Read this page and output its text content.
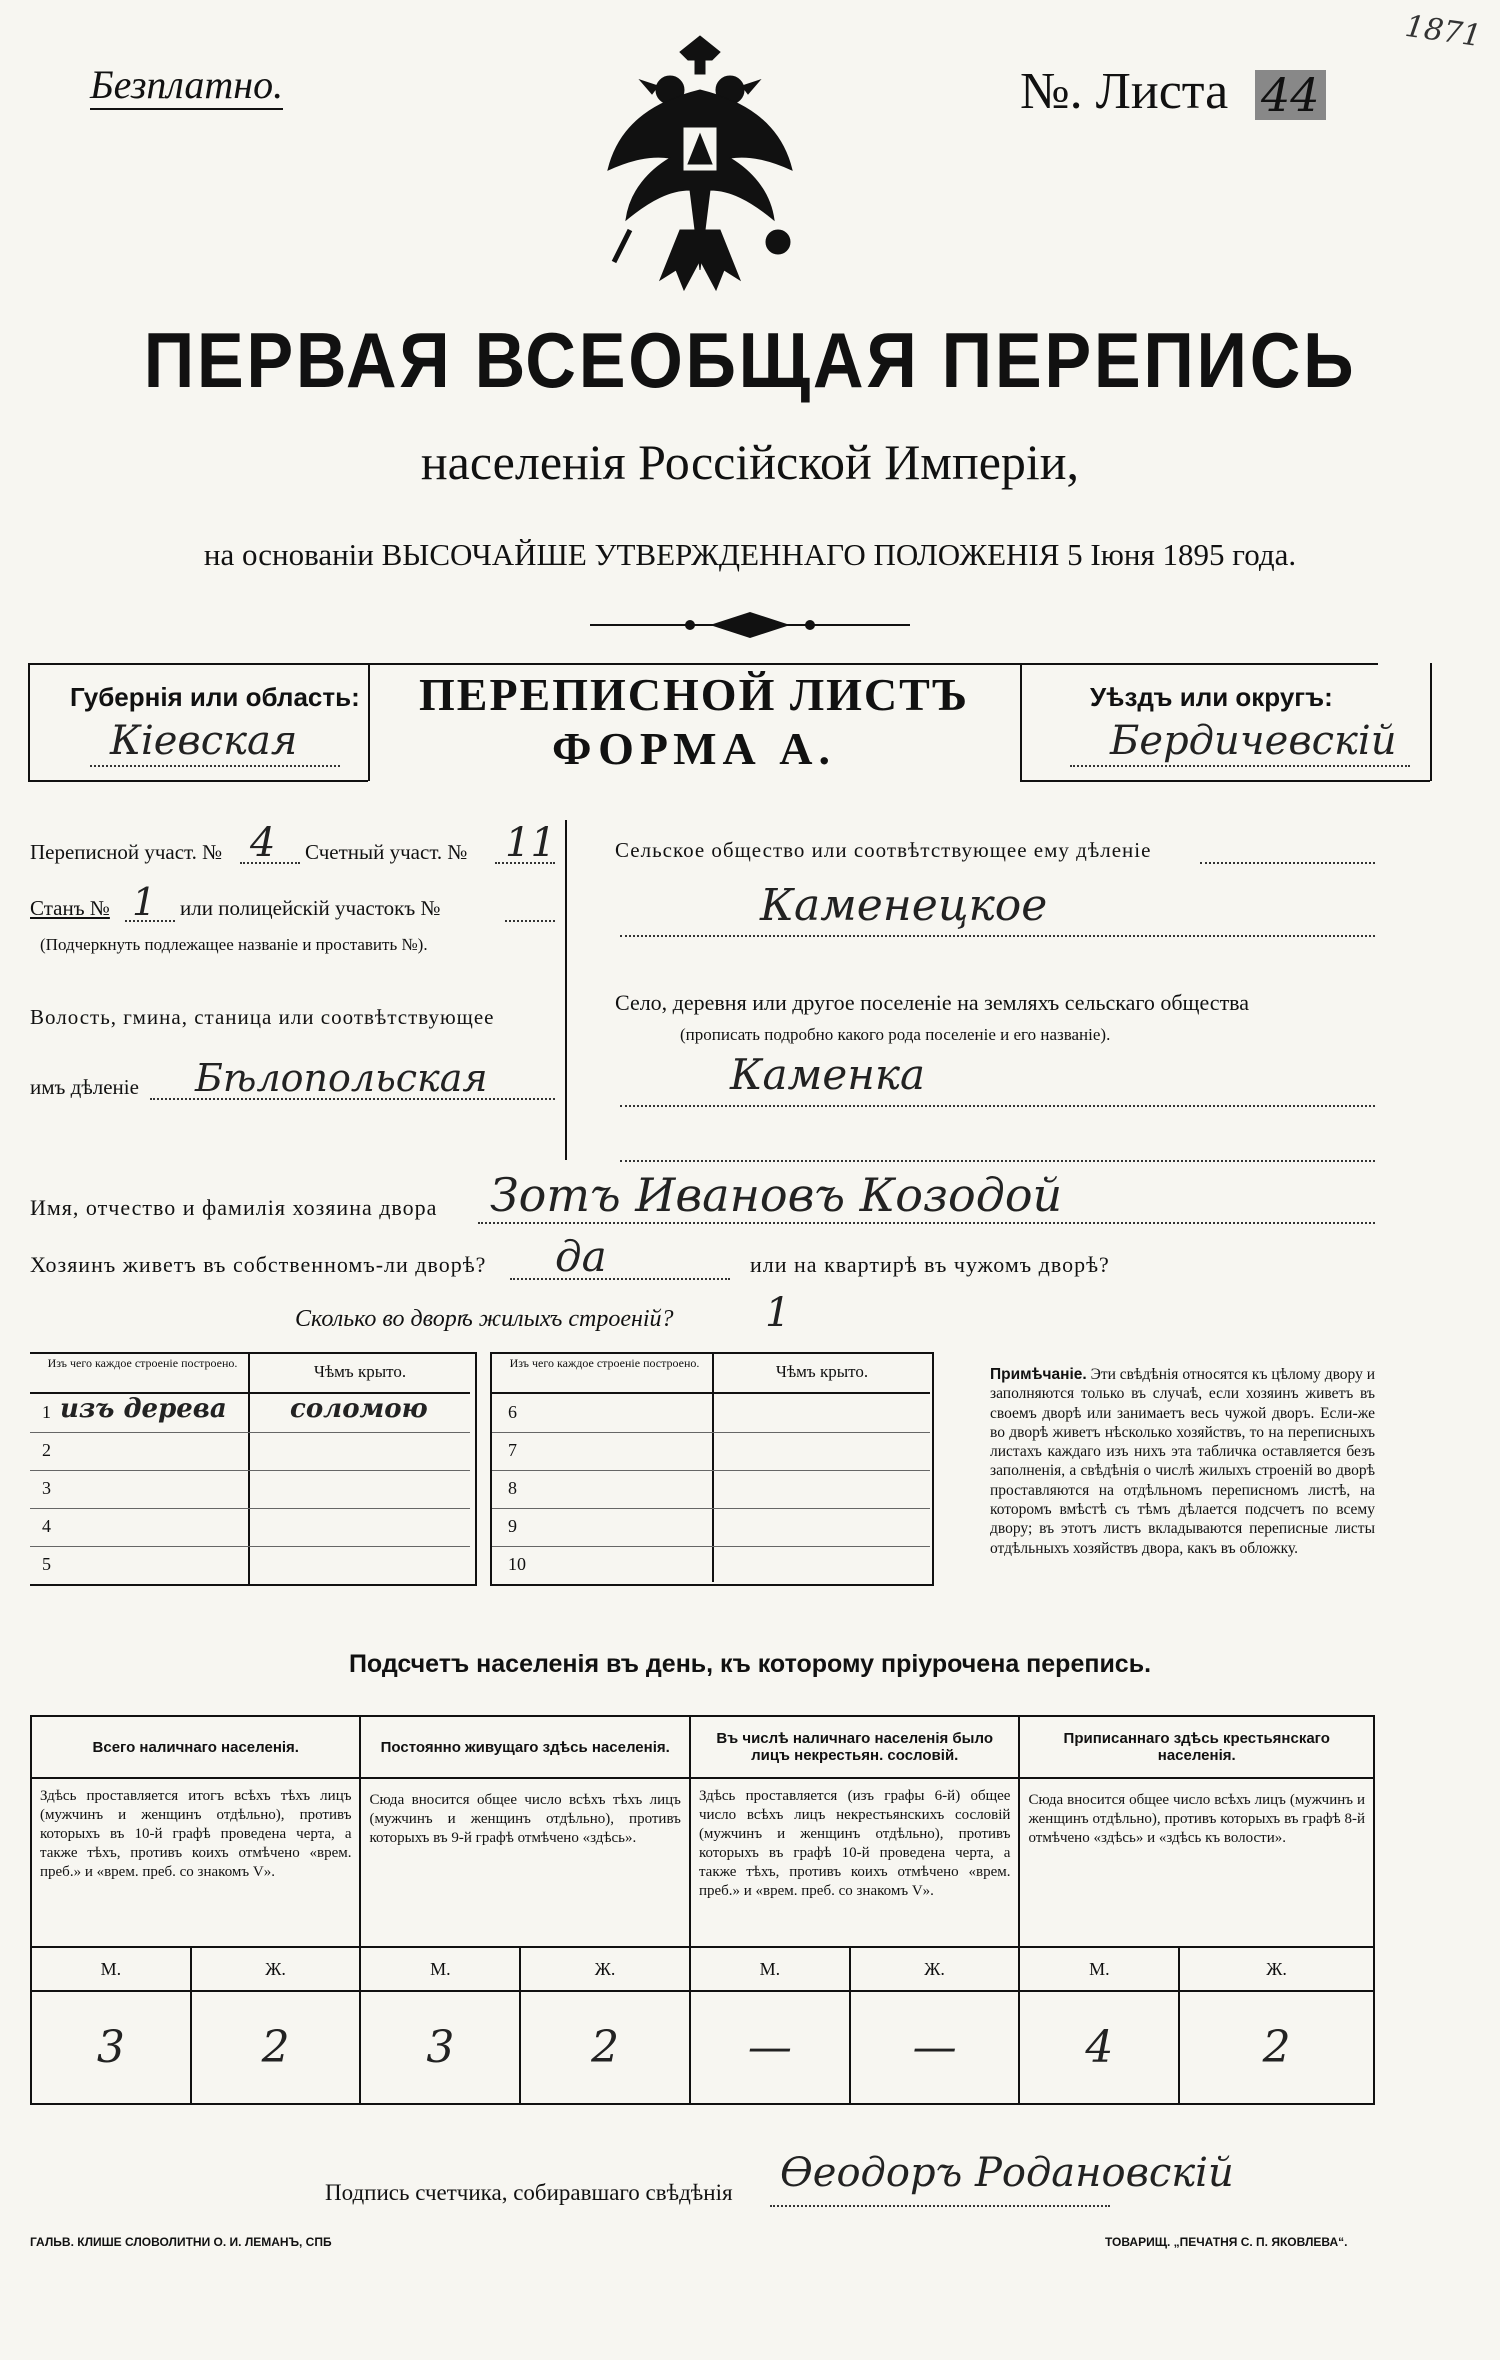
Безплатно.	№. Листа 44
1871
ПЕРВАЯ ВСЕОБЩАЯ ПЕРЕПИСЬ
населенія Россійской Имперіи,
на основаніи ВЫСОЧАЙШЕ УТВЕРЖДЕННАГО ПОЛОЖЕНІЯ 5 Іюня 1895 года.
Губернія или область:
Кіевская
ПЕРЕПИСНОЙ ЛИСТЪ
ФОРМА А.
Уѣздъ или округъ:
Бердичевскій
Переписной участ. № 4 Счетный участ. № 11
Станъ № 1 или полицейскій участокъ №
(Подчеркнуть подлежащее названіе и проставить №).
Волость, гмина, станица или соотвѣтствующее
имъ дѣленіе Бѣлопольская
Сельское общество или соотвѣтствующее ему дѣленіе
Каменецкое
Село, деревня или другое поселеніе на земляхъ сельскаго общества
(прописать подробно какого рода поселеніе и его названіе).
Каменка
Имя, отчество и фамилія хозяина двора Зотъ Ивановъ Козодой
Хозяинъ живетъ въ собственномъ-ли дворѣ? да	или на квартирѣ въ чужомъ дворѣ?
Сколько во дворѣ жилыхъ строеній? 1
Изъ чего каждое строеніе построено.	Чѣмъ крыто.
1 изъ дерева соломою
2
3
4
5
Изъ чего каждое строеніе построено.	Чѣмъ крыто.
6
7
8
9
10
Примѣчаніе. Эти свѣдѣнія относятся къ цѣлому двору и заполняются только въ случаѣ, если хозяинъ живетъ въ своемъ дворѣ или занимаетъ весь чужой дворъ. Если-же во дворѣ живетъ нѣсколько хозяйствъ, то на переписныхъ листахъ каждаго изъ нихъ эта табличка оставляется безъ заполненія, а свѣдѣнія о числѣ жилыхъ строеній во дворѣ проставляются на отдѣльномъ переписномъ листѣ, на которомъ вмѣстѣ съ тѣмъ дѣлается подсчетъ по всему двору; въ этотъ листъ вкладываются переписные листы отдѣльныхъ хозяйствъ двора, какъ въ обложку.
Подсчетъ населенія въ день, къ которому пріурочена перепись.
Всего наличнаго населенія.		Постоянно живущаго здѣсь населенія.		Въ числѣ наличнаго населенія было лицъ некрестьян. сословій.		Приписаннаго здѣсь крестьянскаго населенія.	
Здѣсь проставляется итогъ всѣхъ тѣхъ лицъ (мужчинъ и женщинъ отдѣльно), противъ которыхъ въ 10-й графѣ проведена черта, а также тѣхъ, противъ коихъ отмѣчено «врем. преб.» и «врем. преб. со знакомъ V».		Сюда вносится общее число всѣхъ тѣхъ лицъ (мужчинъ и женщинъ отдѣльно), противъ которыхъ въ 9-й графѣ отмѣчено «здѣсь».		Здѣсь проставляется (изъ графы 6-й) общее число всѣхъ лицъ некрестьянскихъ сословій (мужчинъ и женщинъ отдѣльно), противъ которыхъ въ графѣ 10-й проведена черта, а также тѣхъ, противъ коихъ отмѣчено «врем. преб.» и «врем. преб. со знакомъ V».		Сюда вносится общее число всѣхъ лицъ (мужчинъ и женщинъ отдѣльно), противъ которыхъ въ графѣ 8-й отмѣчено «здѣсь» и «здѣсь къ волости».	
М.	Ж.	М.	Ж.	М.	Ж.	М.	Ж.
3	2	3	2	—	—	4	2
Подпись счетчика, собиравшаго свѣдѣнія Өеодоръ Родановскій
ГАЛЬВ. КЛИШЕ СЛОВОЛИТНИ О. И. ЛЕМАНЪ, СПБ	ТОВАРИЩ. „ПЕЧАТНЯ С. П. ЯКОВЛЕВА“.
